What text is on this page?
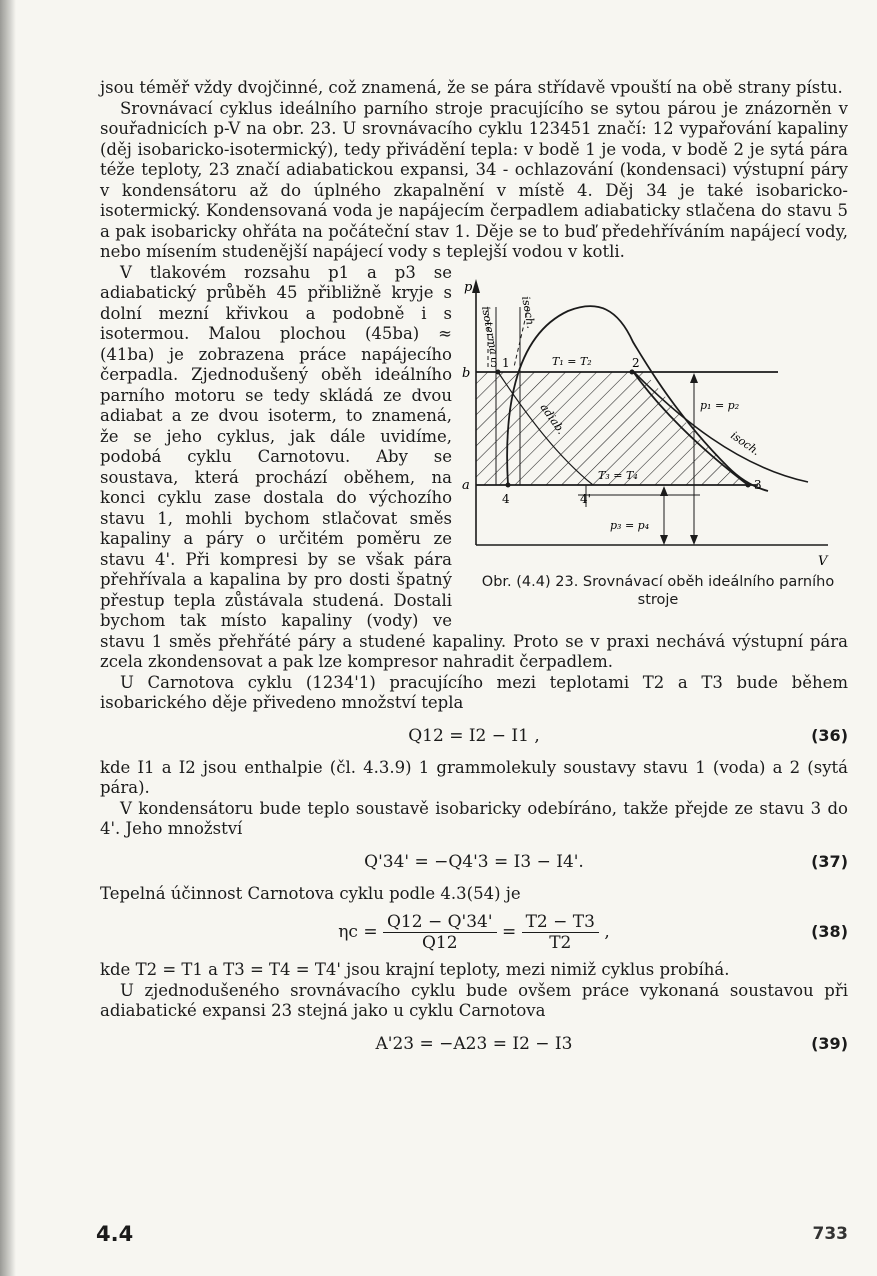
jsou téměř vždy dvojčinné, což znamená, že se pára střídavě vpouští na obě strany pístu.

Srovnávací cyklus ideálního parního stroje pracujícího se sytou párou je znázorněn v souřadnicích p-V na obr. 23. U srovnávacího cyklu 123451 značí: 12 vypařování kapaliny (děj isobaricko-isotermický), tedy přivádění tepla: v bodě 1 je voda, v bodě 2 je sytá pára téže teploty, 23 značí adiabatickou expansi, 34 - ochlazování (kondensaci) výstupní páry v kondensátoru až do úplného zkapalnění v místě 4. Děj 34 je také isobaricko-isotermický. Kondensovaná voda je napájecím čerpadlem adiabaticky stlačena do stavu 5 a pak isobaricky ohřáta na počáteční stav 1. Děje se to buď předehříváním napájecí vody, nebo mísením studenější napájecí vody s teplejší vodou v kotli.

p
V
b
a
5 1	2
3
4	4'
T₁ = T₂
T₃ = T₄
p₁ = p₂
p₃ = p₄
isoterma isoch.
adiab.
isoch.
Obr. (4.4) 23. Srovnávací oběh ideálního parního stroje

V tlakovém rozsahu p1 a p3 se adiabatický průběh 45 přibližně kryje s dolní mezní křivkou a podobně i s isotermou. Malou plochou (45ba) ≈ (41ba) je zobrazena práce napájecího čerpadla. Zjednodušený oběh ideálního parního motoru se tedy skládá ze dvou adiabat a ze dvou isoterm, to znamená, že se jeho cyklus, jak dále uvidíme, podobá cyklu Carnotovu. Aby se soustava, která prochází oběhem, na konci cyklu zase dostala do výchozího stavu 1, mohli bychom stlačovat směs kapaliny a páry o určitém poměru ze stavu 4'. Při kompresi by se však pára přehřívala a kapalina by pro dosti špatný přestup tepla zůstávala studená. Dostali bychom tak místo kapaliny (vody) ve stavu 1 směs přehřáté páry a studené kapaliny. Proto se v praxi nechává výstupní pára zcela zkondensovat a pak lze kompresor nahradit čerpadlem.

U Carnotova cyklu (1234'1) pracujícího mezi teplotami T2 a T3 bude během isobarického děje přivedeno množství tepla

Q12 = I2 − I1 ,	(36)

kde I1 a I2 jsou enthalpie (čl. 4.3.9) 1 grammolekuly soustavy stavu 1 (voda) a 2 (sytá pára).

V kondensátoru bude teplo soustavě isobaricky odebíráno, takže přejde ze stavu 3 do 4'. Jeho množství

Q'34' = −Q4'3 = I3 − I4'.	(37)

Tepelná účinnost Carnotova cyklu podle 4.3(54) je

$\eta c = \frac{Q12 - Q'34'}{Q12} = \frac{T2 - T3}{T2}$ ,	(38)

kde T2 = T1 a T3 = T4 = T4' jsou krajní teploty, mezi nimiž cyklus probíhá.

U zjednodušeného srovnávacího cyklu bude ovšem práce vykonaná soustavou při adiabatické expansi 23 stejná jako u cyklu Carnotova

A'23 = −A23 = I2 − I3	(39)
4.4	733
